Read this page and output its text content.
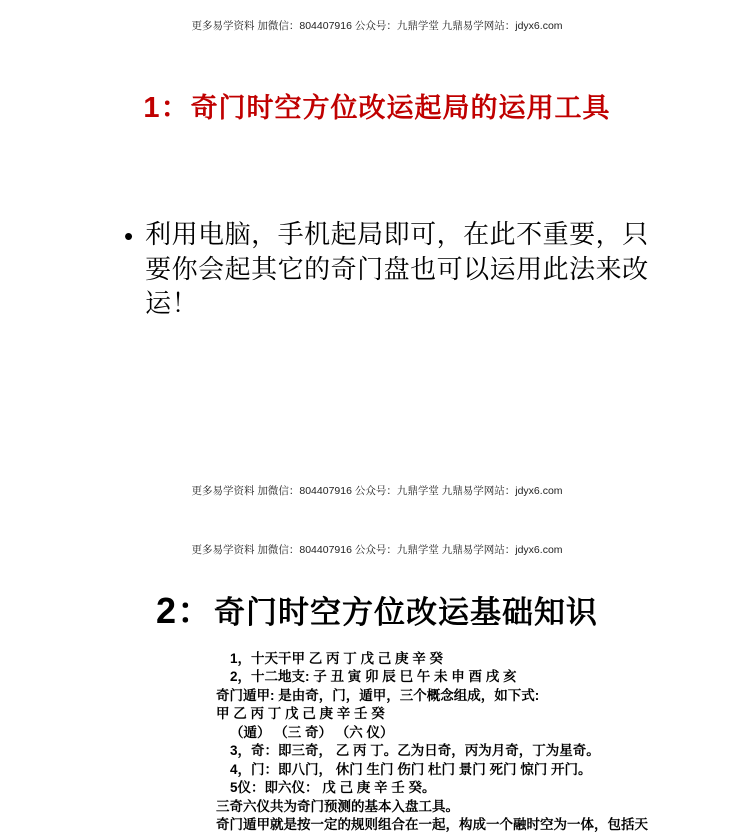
更多易学资料 加微信：804407916 公众号：九鼎学堂 九鼎易学网站：jdyx6.com
1：奇门时空方位改运起局的运用工具
• 利用电脑，手机起局即可，在此不重要，只要你会起其它的奇门盘也可以运用此法来改运！
更多易学资料 加微信：804407916 公众号：九鼎学堂 九鼎易学网站：jdyx6.com
更多易学资料 加微信：804407916 公众号：九鼎学堂 九鼎易学网站：jdyx6.com
2：奇门时空方位改运基础知识
1，十天干甲 乙 丙 丁 戊 己 庚 辛 癸
2，十二地支: 子 丑 寅 卯 辰 巳 午 未 申 酉 戌 亥
奇门遁甲: 是由奇，门，遁甲，三个概念组成，如下式:
甲 乙 丙 丁 戊 己 庚 辛 壬 癸
（遁） （三 奇） （六 仪）
3，奇：即三奇， 乙 丙 丁。乙为日奇，丙为月奇，丁为星奇。
4，门：即八门， 休门 生门 伤门 杜门 景门 死门 惊门 开门。
5仪：即六仪： 戊 己 庚 辛 壬 癸。
三奇六仪共为奇门预测的基本入盘工具。
奇门遁甲就是按一定的规则组合在一起，构成一个融时空为一体，包括天
